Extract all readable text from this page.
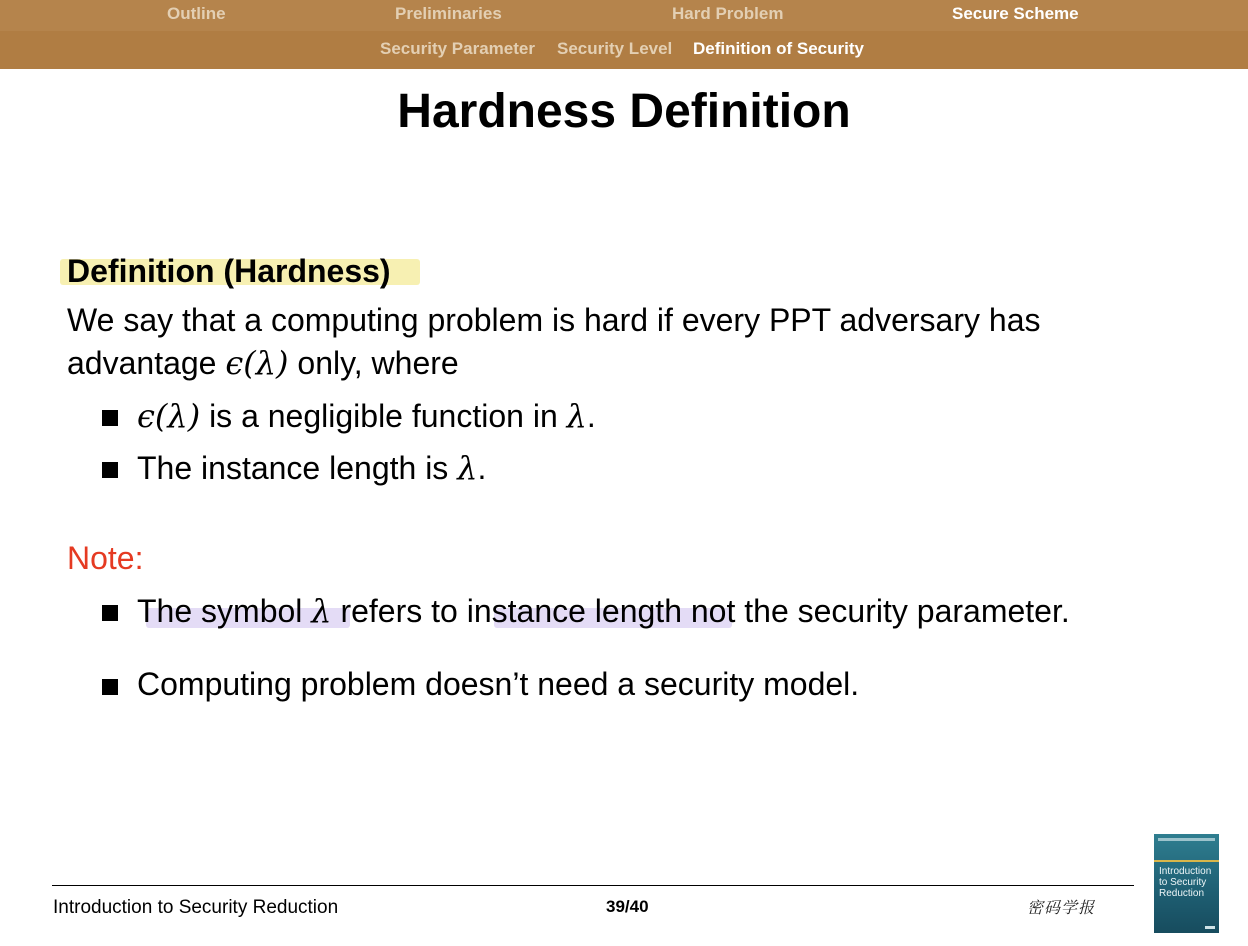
Outline	Preliminaries	Hard Problem	Secure Scheme
Security Parameter Security Level Definition of Security
Hardness Definition
Definition (Hardness)
We say that a computing problem is hard if every PPT adversary has
advantage ϵ(λ) only, where
ϵ(λ) is a negligible function in λ.
The instance length is λ.
Note:
The symbol λ refers to instance length not the security parameter.
Computing problem doesn’t need a security model.
Introduction to Security Reduction	39/40	密码学报
Introduction
to Security
Reduction
